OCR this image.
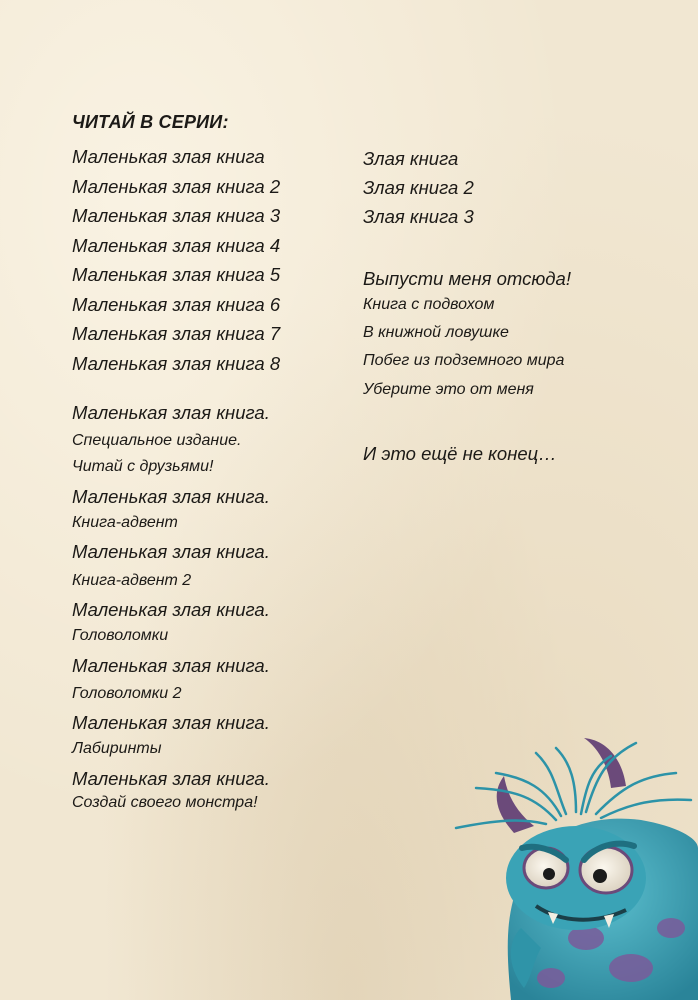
ЧИТАЙ В СЕРИИ:
Маленькая злая книга
Маленькая злая книга 2
Маленькая злая книга 3
Маленькая злая книга 4
Маленькая злая книга 5
Маленькая злая книга 6
Маленькая злая книга 7
Маленькая злая книга 8
Маленькая злая книга.
Специальное издание.
Читай с друзьями!
Маленькая злая книга.
Книга-адвент
Маленькая злая книга.
Книга-адвент 2
Маленькая злая книга.
Головоломки
Маленькая злая книга.
Головоломки 2
Маленькая злая книга.
Лабиринты
Маленькая злая книга.
Создай своего монстра!
Злая книга
Злая книга 2
Злая книга 3
Выпусти меня отсюда!
Книга с подвохом
В книжной ловушке
Побег из подземного мира
Уберите это от меня
И это ещё не конец…
